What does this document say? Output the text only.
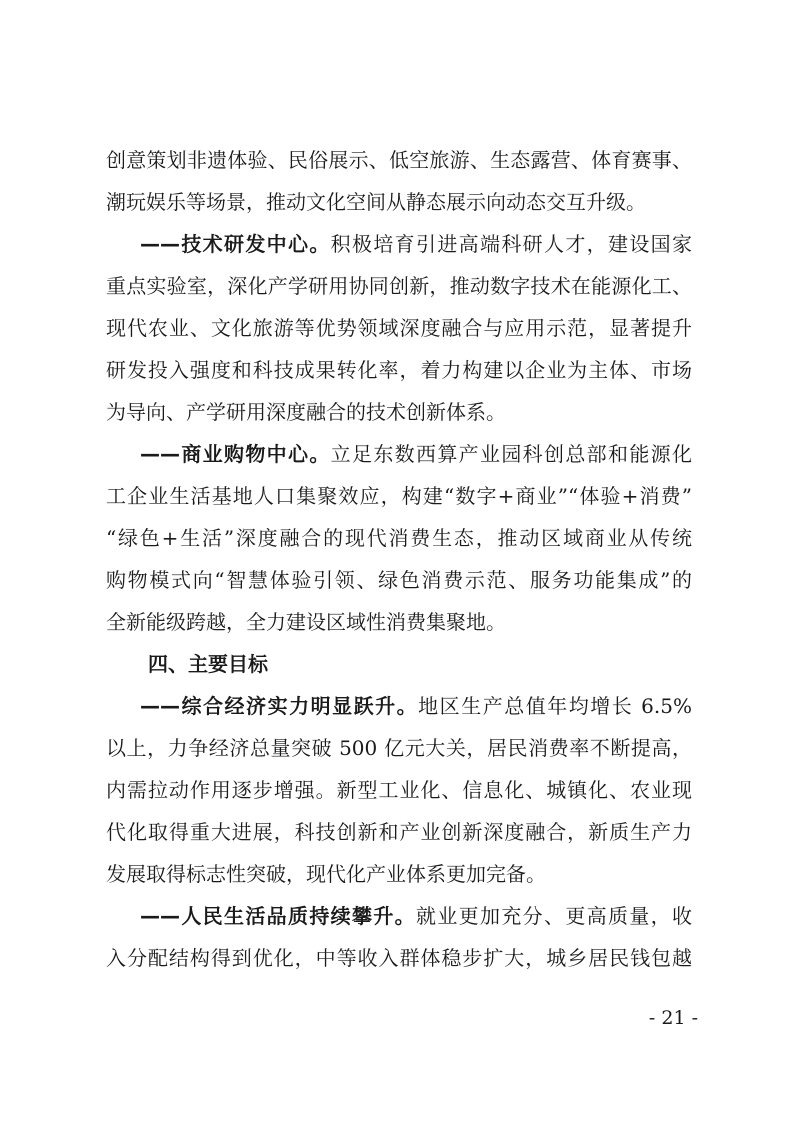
创意策划非遗体验、民俗展示、低空旅游、生态露营、体育赛事、
潮玩娱乐等场景，推动文化空间从静态展示向动态交互升级。
——技术研发中心。积极培育引进高端科研人才，建设国家
重点实验室，深化产学研用协同创新，推动数字技术在能源化工、
现代农业、文化旅游等优势领域深度融合与应用示范，显著提升
研发投入强度和科技成果转化率，着力构建以企业为主体、市场
为导向、产学研用深度融合的技术创新体系。
——商业购物中心。立足东数西算产业园科创总部和能源化
工企业生活基地人口集聚效应，构建“数字+商业”“体验+消费”
“绿色+生活”深度融合的现代消费生态，推动区域商业从传统
购物模式向“智慧体验引领、绿色消费示范、服务功能集成”的
全新能级跨越，全力建设区域性消费集聚地。
四、主要目标
——综合经济实力明显跃升。地区生产总值年均增长 6.5%
以上，力争经济总量突破 500 亿元大关，居民消费率不断提高，
内需拉动作用逐步增强。新型工业化、信息化、城镇化、农业现
代化取得重大进展，科技创新和产业创新深度融合，新质生产力
发展取得标志性突破，现代化产业体系更加完备。
——人民生活品质持续攀升。就业更加充分、更高质量，收
入分配结构得到优化，中等收入群体稳步扩大，城乡居民钱包越
- 21 -
